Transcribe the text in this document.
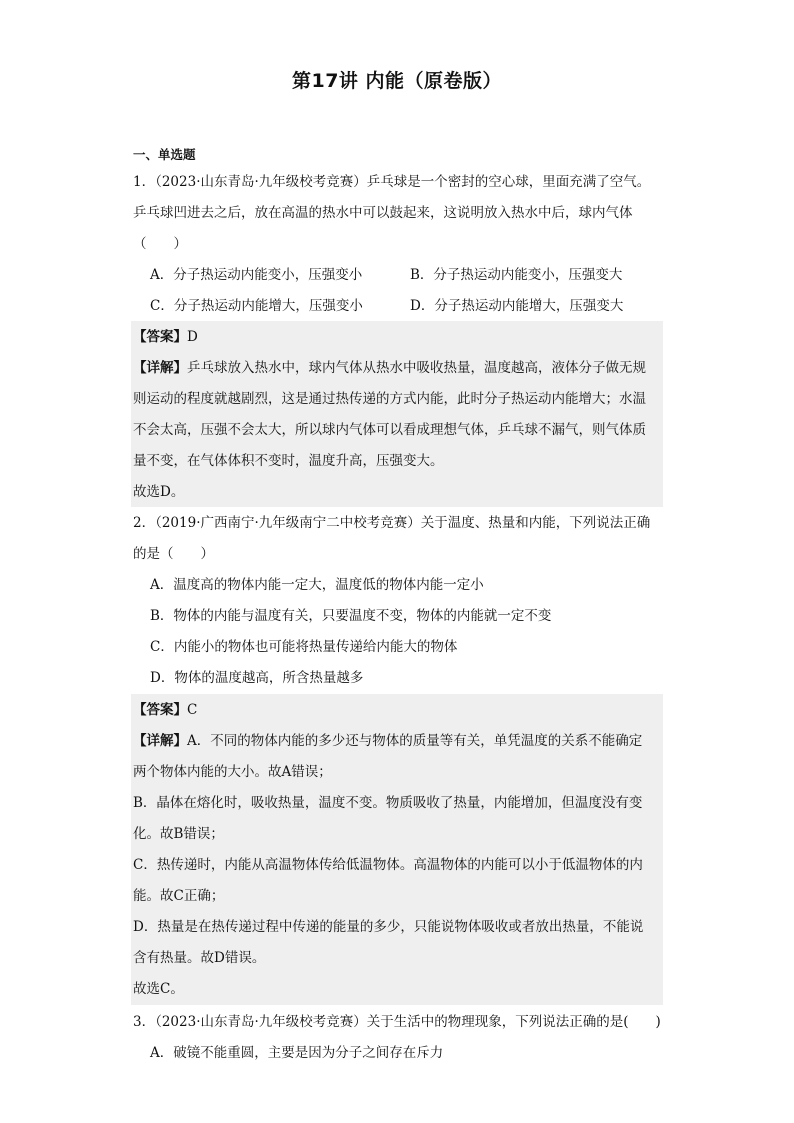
第17讲 内能（原卷版）
一、单选题
1．（2023·山东青岛·九年级校考竞赛）乒乓球是一个密封的空心球，里面充满了空气。
乒乓球凹进去之后，放在高温的热水中可以鼓起来，这说明放入热水中后，球内气体
（　　）
A．分子热运动内能变小，压强变小	B．分子热运动内能变小，压强变大
C．分子热运动内能增大，压强变小	D．分子热运动内能增大，压强变大
【答案】D
【详解】乒乓球放入热水中，球内气体从热水中吸收热量，温度越高，液体分子做无规
则运动的程度就越剧烈，这是通过热传递的方式内能，此时分子热运动内能增大；水温
不会太高，压强不会太大，所以球内气体可以看成理想气体，乒乓球不漏气，则气体质
量不变，在气体体积不变时，温度升高，压强变大。
故选D。
2．（2019·广西南宁·九年级南宁二中校考竞赛）关于温度、热量和内能，下列说法正确
的是（　　）
A．温度高的物体内能一定大，温度低的物体内能一定小
B．物体的内能与温度有关，只要温度不变，物体的内能就一定不变
C．内能小的物体也可能将热量传递给内能大的物体
D．物体的温度越高，所含热量越多
【答案】C
【详解】A．不同的物体内能的多少还与物体的质量等有关，单凭温度的关系不能确定
两个物体内能的大小。故A错误；
B．晶体在熔化时，吸收热量，温度不变。物质吸收了热量，内能增加，但温度没有变
化。故B错误；
C．热传递时，内能从高温物体传给低温物体。高温物体的内能可以小于低温物体的内
能。故C正确；
D．热量是在热传递过程中传递的能量的多少，只能说物体吸收或者放出热量，不能说
含有热量。故D错误。
故选C。
3．（2023·山东青岛·九年级校考竞赛）关于生活中的物理现象，下列说法正确的是(　　)
A．破镜不能重圆，主要是因为分子之间存在斥力
